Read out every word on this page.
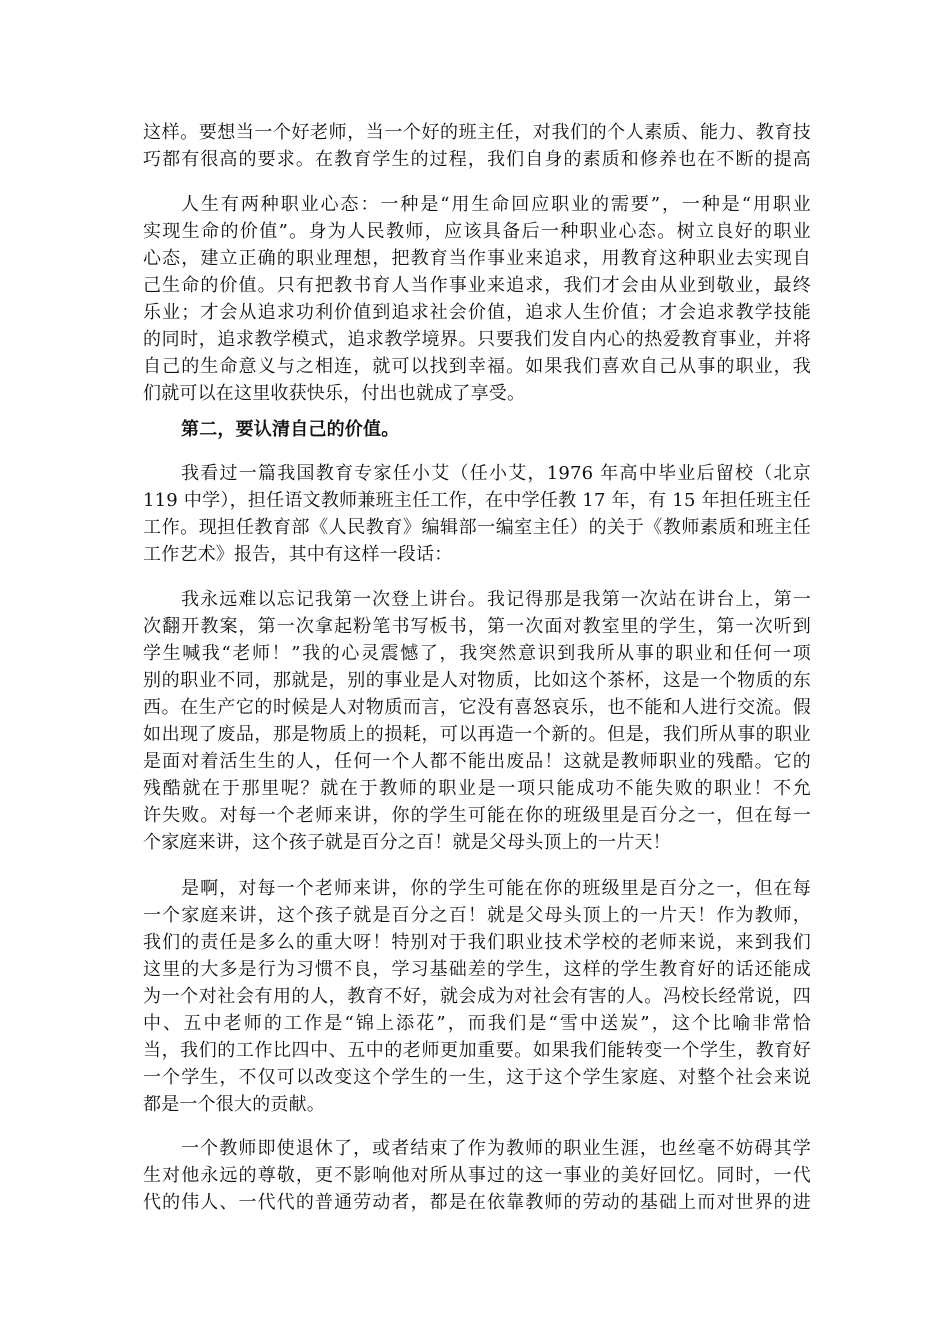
这样。要想当一个好老师，当一个好的班主任，对我们的个人素质、能力、教育技
巧都有很高的要求。在教育学生的过程，我们自身的素质和修养也在不断的提高
人生有两种职业心态：一种是“用生命回应职业的需要”，一种是“用职业
实现生命的价值”。身为人民教师，应该具备后一种职业心态。树立良好的职业
心态，建立正确的职业理想，把教育当作事业来追求，用教育这种职业去实现自
己生命的价值。只有把教书育人当作事业来追求，我们才会由从业到敬业，最终
乐业；才会从追求功利价值到追求社会价值，追求人生价值；才会追求教学技能
的同时，追求教学模式，追求教学境界。只要我们发自内心的热爱教育事业，并将
自己的生命意义与之相连，就可以找到幸福。如果我们喜欢自己从事的职业，我
们就可以在这里收获快乐，付出也就成了享受。
第二，要认清自己的价值。
我看过一篇我国教育专家任小艾（任小艾，1976 年高中毕业后留校（北京
119 中学），担任语文教师兼班主任工作，在中学任教 17 年，有 15 年担任班主任
工作。现担任教育部《人民教育》编辑部一编室主任）的关于《教师素质和班主任
工作艺术》报告，其中有这样一段话：
我永远难以忘记我第一次登上讲台。我记得那是我第一次站在讲台上，第一
次翻开教案，第一次拿起粉笔书写板书，第一次面对教室里的学生，第一次听到
学生喊我“老师！”我的心灵震憾了，我突然意识到我所从事的职业和任何一项
别的职业不同，那就是，别的事业是人对物质，比如这个茶杯，这是一个物质的东
西。在生产它的时候是人对物质而言，它没有喜怒哀乐，也不能和人进行交流。假
如出现了废品，那是物质上的损耗，可以再造一个新的。但是，我们所从事的职业
是面对着活生生的人，任何一个人都不能出废品！这就是教师职业的残酷。它的
残酷就在于那里呢？就在于教师的职业是一项只能成功不能失败的职业！不允
许失败。对每一个老师来讲，你的学生可能在你的班级里是百分之一，但在每一
个家庭来讲，这个孩子就是百分之百！就是父母头顶上的一片天！
是啊，对每一个老师来讲，你的学生可能在你的班级里是百分之一，但在每
一个家庭来讲，这个孩子就是百分之百！就是父母头顶上的一片天！作为教师，
我们的责任是多么的重大呀！特别对于我们职业技术学校的老师来说，来到我们
这里的大多是行为习惯不良，学习基础差的学生，这样的学生教育好的话还能成
为一个对社会有用的人，教育不好，就会成为对社会有害的人。冯校长经常说，四
中、五中老师的工作是“锦上添花”，而我们是“雪中送炭”，这个比喻非常恰
当，我们的工作比四中、五中的老师更加重要。如果我们能转变一个学生，教育好
一个学生，不仅可以改变这个学生的一生，这于这个学生家庭、对整个社会来说
都是一个很大的贡献。
一个教师即使退休了，或者结束了作为教师的职业生涯，也丝毫不妨碍其学
生对他永远的尊敬，更不影响他对所从事过的这一事业的美好回忆。同时，一代
代的伟人、一代代的普通劳动者，都是在依靠教师的劳动的基础上而对世界的进
